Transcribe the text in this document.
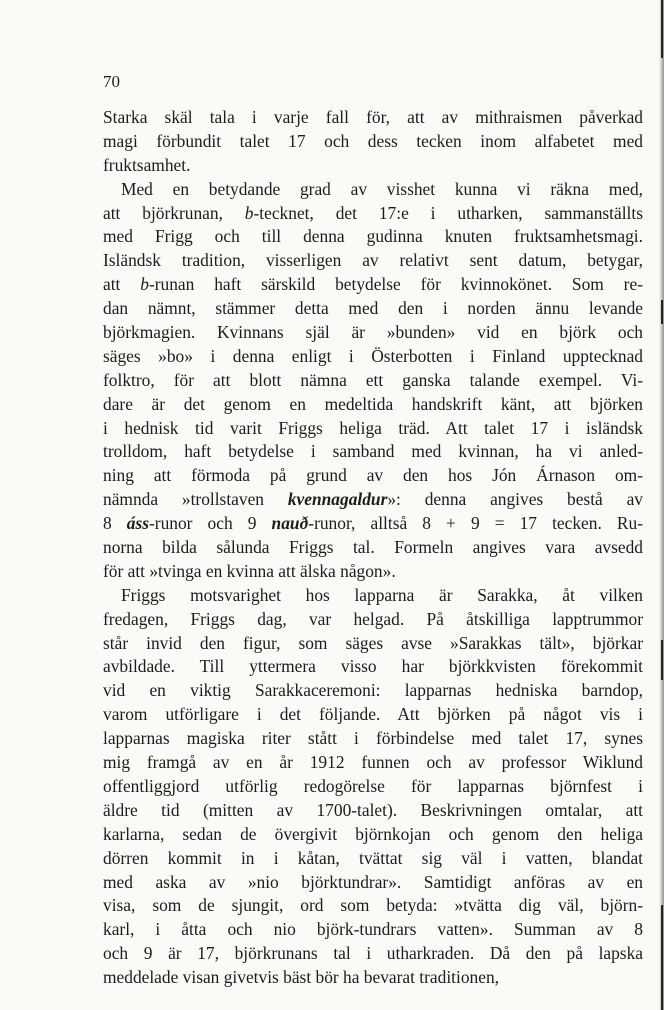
70
Starka skäl tala i varje fall för, att av mithraismen påverkad
magi förbundit talet 17 och dess tecken inom alfabetet med
fruktsamhet.
Med en betydande grad av visshet kunna vi räkna med,
att björkrunan, b-tecknet, det 17:e i utharken, sammanställts
med Frigg och till denna gudinna knuten fruktsamhetsmagi.
Isländsk tradition, visserligen av relativt sent datum, betygar,
att b-runan haft särskild betydelse för kvinnokönet. Som re-
dan nämnt, stämmer detta med den i norden ännu levande
björkmagien. Kvinnans själ är »bunden» vid en björk och
säges »bo» i denna enligt i Österbotten i Finland upptecknad
folktro, för att blott nämna ett ganska talande exempel. Vi-
dare är det genom en medeltida handskrift känt, att björken
i hednisk tid varit Friggs heliga träd. Att talet 17 i isländsk
trolldom, haft betydelse i samband med kvinnan, ha vi anled-
ning att förmoda på grund av den hos Jón Árnason om-
nämnda »trollstaven kvennagaldur»: denna angives bestå av
8 áss-runor och 9 nauð-runor, alltså 8 + 9 = 17 tecken. Ru-
norna bilda sålunda Friggs tal. Formeln angives vara avsedd
för att »tvinga en kvinna att älska någon».
Friggs motsvarighet hos lapparna är Sarakka, åt vilken
fredagen, Friggs dag, var helgad. På åtskilliga lapptrummor
står invid den figur, som säges avse »Sarakkas tält», björkar
avbildade. Till yttermera visso har björkkvisten förekommit
vid en viktig Sarakkaceremoni: lapparnas hedniska barndop,
varom utförligare i det följande. Att björken på något vis i
lapparnas magiska riter stått i förbindelse med talet 17, synes
mig framgå av en år 1912 funnen och av professor Wiklund
offentliggjord utförlig redogörelse för lapparnas björnfest i
äldre tid (mitten av 1700-talet). Beskrivningen omtalar, att
karlarna, sedan de övergivit björnkojan och genom den heliga
dörren kommit in i kåtan, tvättat sig väl i vatten, blandat
med aska av »nio björktundrar». Samtidigt anföras av en
visa, som de sjungit, ord som betyda: »tvätta dig väl, björn-
karl, i åtta och nio björk-tundrars vatten». Summan av 8
och 9 är 17, björkrunans tal i utharkraden. Då den på lapska
meddelade visan givetvis bäst bör ha bevarat traditionen,
